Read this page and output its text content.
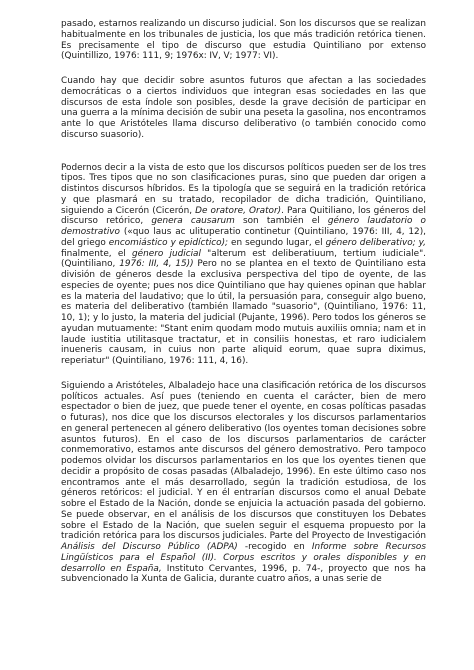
pasado, estarnos realizando un discurso judicial. Son los discursos que se realizan habitualmente en los tribunales de justicia, los que más tradición retórica tienen. Es precisamente el tipo de discurso que estudia Quintiliano por extenso (Quintillizo, 1976: 111, 9; 1976x: IV, V; 1977: VI).

Cuando hay que decidir sobre asuntos futuros que afectan a las sociedades democráticas o a ciertos individuos que integran esas sociedades en las que discursos de esta índole son posibles, desde la grave decisión de participar en una guerra a la mínima decisión de subir una peseta la gasolina, nos encontramos ante lo que Aristóteles llama discurso deliberativo (o también conocido como discurso suasorio).

Podernos decir a la vista de esto que los discursos políticos pueden ser de los tres tipos. Tres tipos que no son clasificaciones puras, sino que pueden dar origen a distintos discursos híbridos. Es la tipología que se seguirá en la tradición retórica y que plasmará en su tratado, recopilador de dicha tradición, Quintiliano, siguiendo a Cicerón (Cicerón, De oratore, Orator). Para Quitiliano, los géneros del discurso retórico, genera causarum son también el género laudatorio o demostrativo («quo laus ac ulituperatio continetur (Quintiliano, 1976: III, 4, 12), del griego encomiástico y epidíctico); en segundo lugar, el género deliberativo; y, finalmente, el género judicial "alterum est deliberatiuum, tertium iudiciale". (Quintiliano, 1976: III, 4, 15)) Pero no se plantea en el texto de Quintiliano esta división de géneros desde la exclusiva perspectiva del tipo de oyente, de las especies de oyente; pues nos dice Quintiliano que hay quienes opinan que hablar es la materia del laudativo; que lo útil, la persuasión para, conseguir algo bueno, es materia del deliberativo (también llamado "suasorio", (Quintiliano, 1976: 11, 10, 1); y lo justo, la materia del judicial (Pujante, 1996). Pero todos los géneros se ayudan mutuamente: "Stant enim quodam modo mutuis auxiliis omnia; nam et in laude iustitia utilitasque tractatur, et in consiliis honestas, et raro iudicialem inueneris causam, in cuius non parte aliquid eorum, quae supra diximus, reperiatur" (Quintiliano, 1976: 111, 4, 16).

Siguiendo a Aristóteles, Albaladejo hace una clasificación retórica de los discursos políticos actuales. Así pues (teniendo en cuenta el carácter, bien de mero espectador o bien de juez, que puede tener el oyente, en cosas políticas pasadas o futuras), nos dice que los discursos electorales y los discursos parlamentarios en general pertenecen al género deliberativo (los oyentes toman decisiones sobre asuntos futuros). En el caso de los discursos parlamentarios de carácter conmemorativo, estamos ante discursos del género demostrativo. Pero tampoco podemos olvidar los discursos parlamentarios en los que los oyentes tienen que decidir a propósito de cosas pasadas (Albaladejo, 1996). En este último caso nos encontramos ante el más desarrollado, según la tradición estudiosa, de los géneros retóricos: el judicial. Y en él entrarían discursos como el anual Debate sobre el Estado de la Nación, donde se enjuicia la actuación pasada del gobierno. Se puede observar, en el análisis de los discursos que constituyen los Debates sobre el Estado de la Nación, que suelen seguir el esquema propuesto por la tradición retórica para los discursos judiciales. Parte del Proyecto de Investigación Análisis del Discurso Público (ADPA) -recogido en Informe sobre Recursos Lingüísticos para el Español (II). Corpus escritos y orales disponibles y en desarrollo en España, Instituto Cervantes, 1996, p. 74-, proyecto que nos ha subvencionado la Xunta de Galicia, durante cuatro años, a unas serie de
